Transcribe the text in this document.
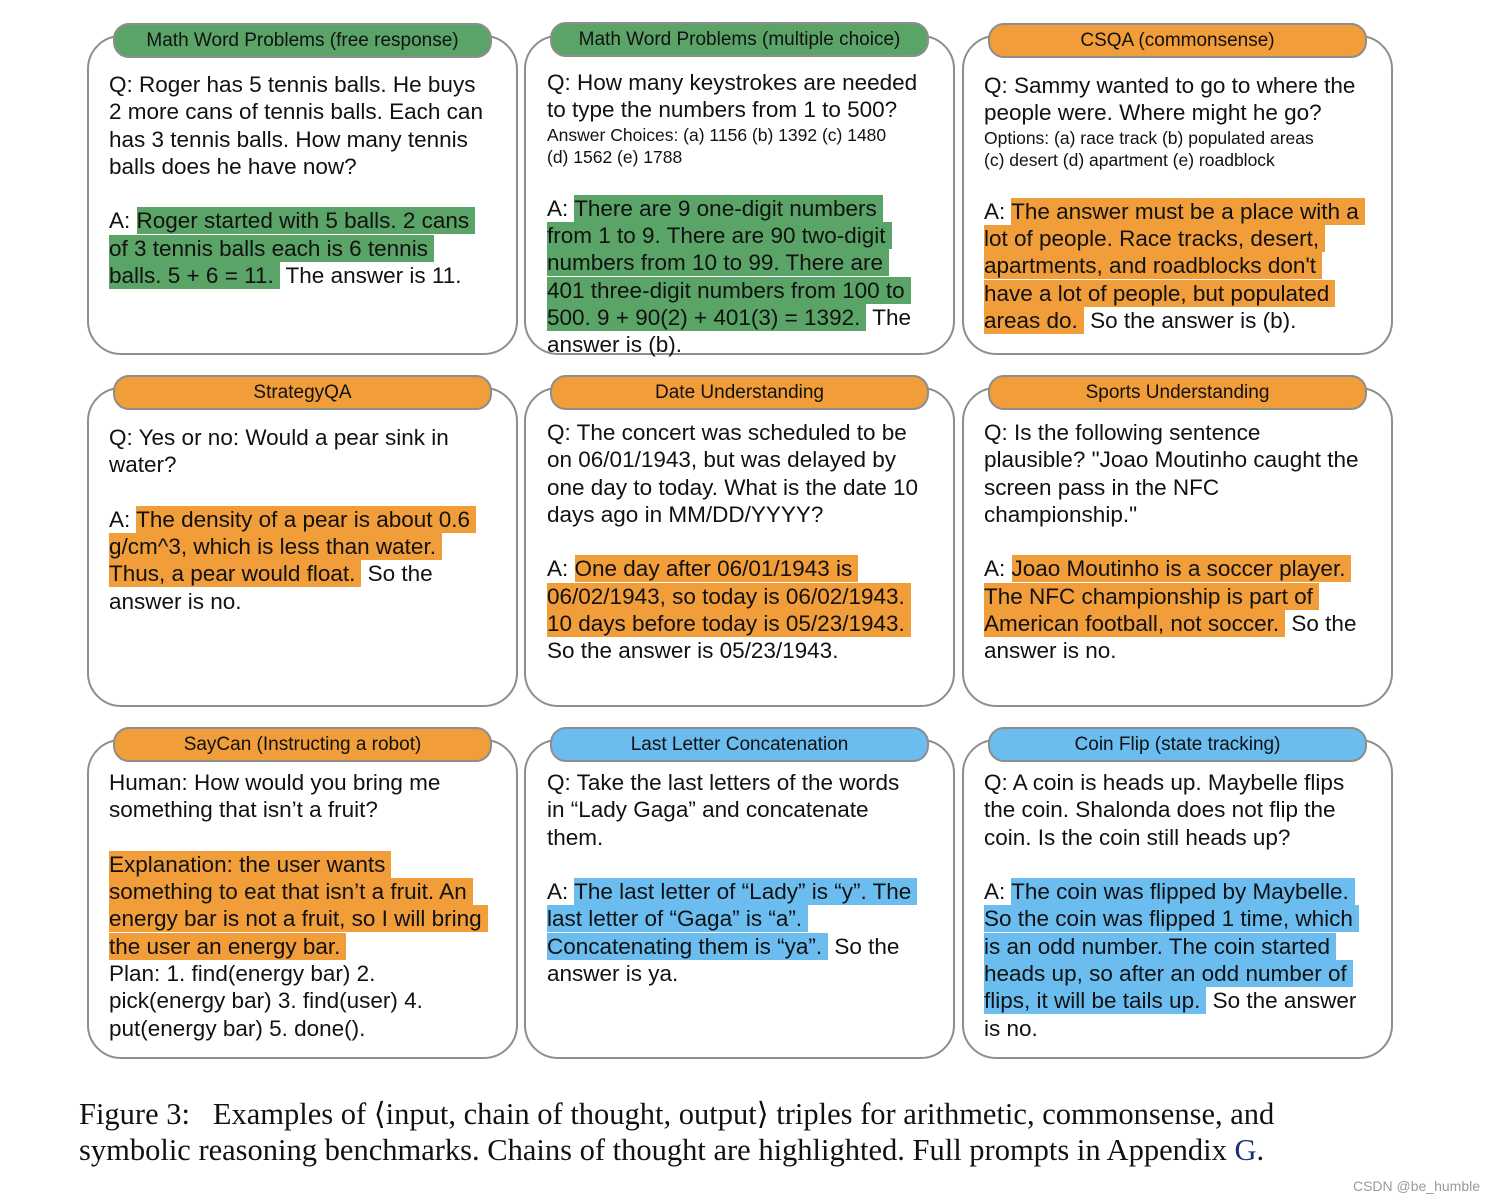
Math Word Problems (free response)
Q: Roger has 5 tennis balls. He buys
2 more cans of tennis balls. Each can
has 3 tennis balls. How many tennis
balls does he have now?
A: Roger started with 5 balls. 2 cans
of 3 tennis balls each is 6 tennis
balls. 5 + 6 = 11. The answer is 11.
Math Word Problems (multiple choice)
Q: How many keystrokes are needed
to type the numbers from 1 to 500?
Answer Choices: (a) 1156 (b) 1392 (c) 1480
(d) 1562 (e) 1788
A: There are 9 one-digit numbers
from 1 to 9. There are 90 two-digit
numbers from 10 to 99. There are
401 three-digit numbers from 100 to
500. 9 + 90(2) + 401(3) = 1392. The
answer is (b).
CSQA (commonsense)
Q: Sammy wanted to go to where the
people were. Where might he go?
Options: (a) race track (b) populated areas
(c) desert (d) apartment (e) roadblock
A: The answer must be a place with a
lot of people. Race tracks, desert,
apartments, and roadblocks don't
have a lot of people, but populated
areas do. So the answer is (b).
StrategyQA
Q: Yes or no: Would a pear sink in
water?
A: The density of a pear is about 0.6
g/cm^3, which is less than water.
Thus, a pear would float. So the
answer is no.
Date Understanding
Q: The concert was scheduled to be
on 06/01/1943, but was delayed by
one day to today. What is the date 10
days ago in MM/DD/YYYY?
A: One day after 06/01/1943 is
06/02/1943, so today is 06/02/1943.
10 days before today is 05/23/1943.
So the answer is 05/23/1943.
Sports Understanding
Q: Is the following sentence
plausible? "Joao Moutinho caught the
screen pass in the NFC
championship."
A: Joao Moutinho is a soccer player.
The NFC championship is part of
American football, not soccer. So the
answer is no.
SayCan (Instructing a robot)
Human: How would you bring me
something that isn’t a fruit?
Explanation: the user wants
something to eat that isn’t a fruit. An
energy bar is not a fruit, so I will bring
the user an energy bar.
Plan: 1. find(energy bar) 2.
pick(energy bar) 3. find(user) 4.
put(energy bar) 5. done().
Last Letter Concatenation
Q: Take the last letters of the words
in “Lady Gaga” and concatenate
them.
A: The last letter of “Lady” is “y”. The
last letter of “Gaga” is “a”.
Concatenating them is “ya”. So the
answer is ya.
Coin Flip (state tracking)
Q: A coin is heads up. Maybelle flips
the coin. Shalonda does not flip the
coin. Is the coin still heads up?
A: The coin was flipped by Maybelle.
So the coin was flipped 1 time, which
is an odd number. The coin started
heads up, so after an odd number of
flips, it will be tails up. So the answer
is no.
Figure 3:   Examples of ⟨input, chain of thought, output⟩ triples for arithmetic, commonsense, and
symbolic reasoning benchmarks. Chains of thought are highlighted. Full prompts in Appendix G.
CSDN @be_humble
